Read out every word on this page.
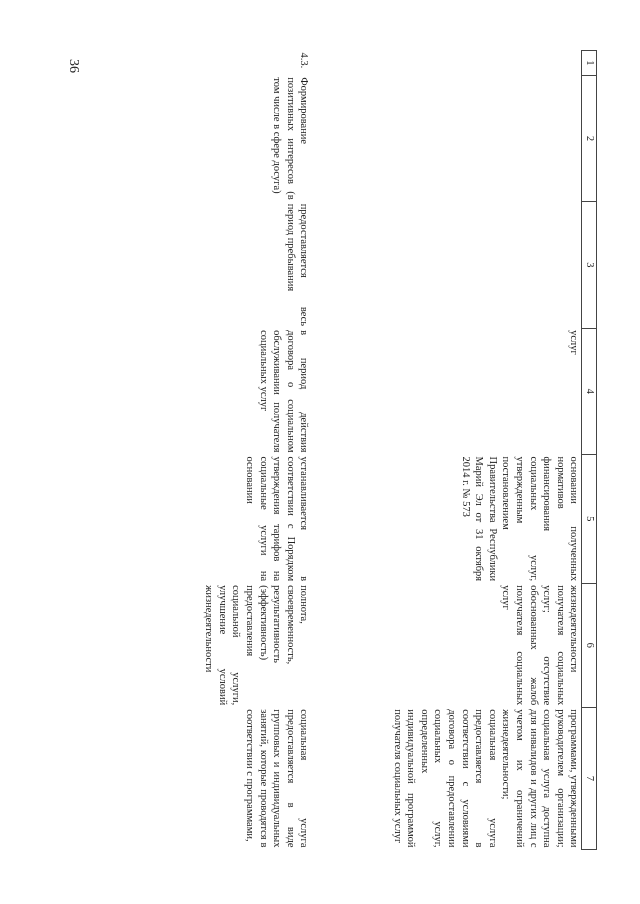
36	1	2	3	4	5	6	7
			услуг	основании полученных нормативов финансирования социальных услуг, утвержденным постановлением Правительства Республики Марий Эл от 31 октября 2014 г. № 573	жизнедеятельности получателя социальных услуг; отсутствие обоснованных жалоб получателя социальных услуг	программами, утвержденными руководителем организации; социальная услуга доступна для инвалидов и других лиц с учетом их ограничений жизнедеятельности; социальная услуга предоставляется в соответствии с условиями договора о предоставлении социальных услуг, определенных индивидуальной программой получателя социальных услуг
4.3.	Формирование позитивных интересов (в том числе в сфере досуга)	предоставляется весь период пребывания	в период действия договора о социальном обслуживании получателя социальных услуг	устанавливается в соответствии с Порядком утверждения тарифов на социальные услуги на основании	полнота, своевременность, результативность (эффективность) предоставления социальной услуги, улучшение условий жизнедеятельности	социальная услуга предоставляется в виде групповых и индивидуальных занятий, которые проводятся в соответствии с программами,
